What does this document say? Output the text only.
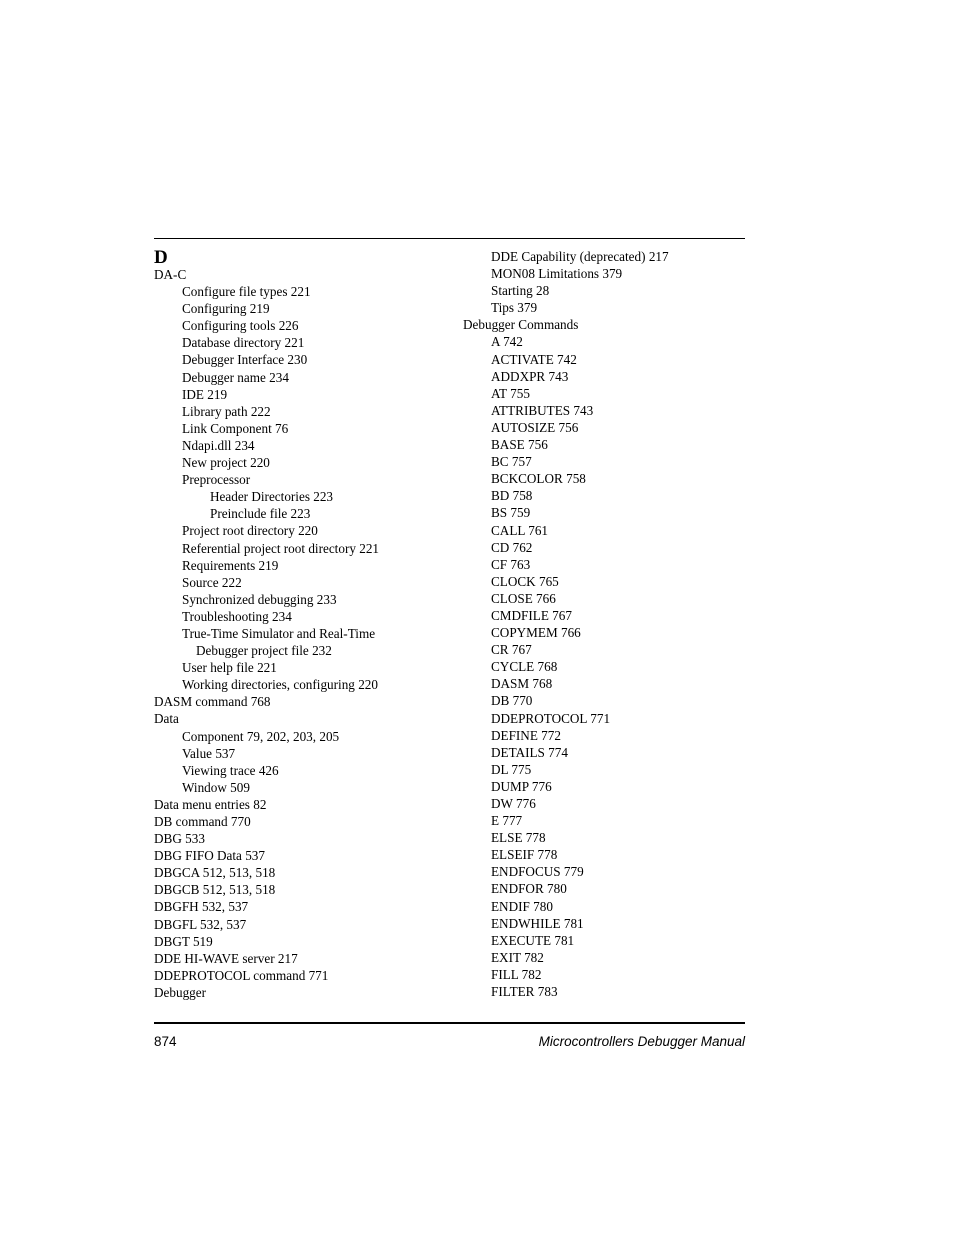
D
DA-C
Configure file types 221
Configuring 219
Configuring tools 226
Database directory 221
Debugger Interface 230
Debugger name 234
IDE 219
Library path 222
Link Component 76
Ndapi.dll 234
New project 220
Preprocessor
Header Directories 223
Preinclude file 223
Project root directory 220
Referential project root directory 221
Requirements 219
Source 222
Synchronized debugging 233
Troubleshooting 234
True-Time Simulator and Real-Time
Debugger project file 232
User help file 221
Working directories, configuring 220
DASM command 768
Data
Component 79, 202, 203, 205
Value 537
Viewing trace 426
Window 509
Data menu entries 82
DB command 770
DBG 533
DBG FIFO Data 537
DBGCA 512, 513, 518
DBGCB 512, 513, 518
DBGFH 532, 537
DBGFL 532, 537
DBGT 519
DDE HI-WAVE server 217
DDEPROTOCOL command 771
Debugger
DDE Capability (deprecated) 217
MON08 Limitations 379
Starting 28
Tips 379
Debugger Commands
A 742
ACTIVATE 742
ADDXPR 743
AT 755
ATTRIBUTES 743
AUTOSIZE 756
BASE 756
BC 757
BCKCOLOR 758
BD 758
BS 759
CALL 761
CD 762
CF 763
CLOCK 765
CLOSE 766
CMDFILE 767
COPYMEM 766
CR 767
CYCLE 768
DASM 768
DB 770
DDEPROTOCOL 771
DEFINE 772
DETAILS 774
DL 775
DUMP 776
DW 776
E 777
ELSE 778
ELSEIF 778
ENDFOCUS 779
ENDFOR 780
ENDIF 780
ENDWHILE 781
EXECUTE 781
EXIT 782
FILL 782
FILTER 783
874	Microcontrollers Debugger Manual
